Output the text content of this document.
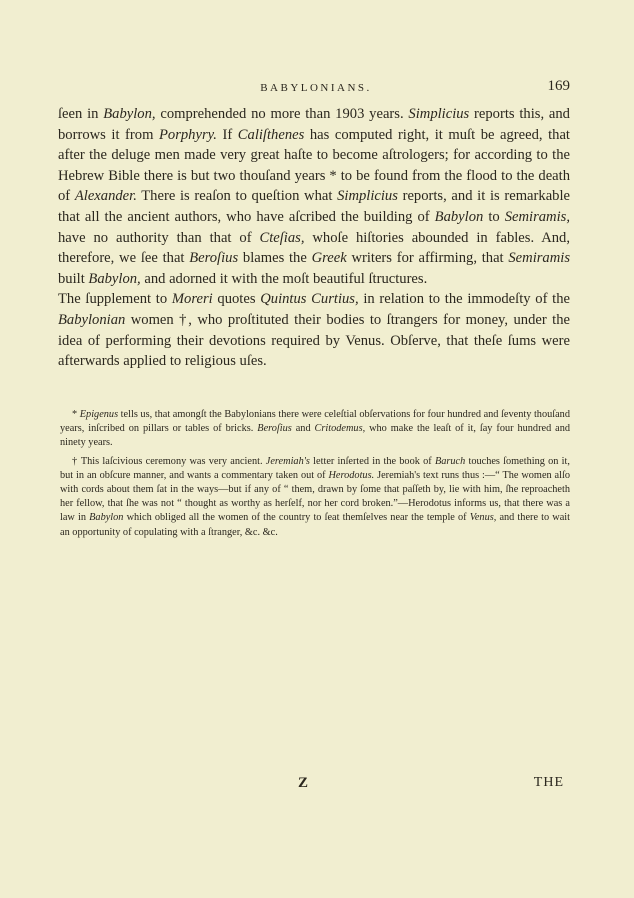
BABYLONIANS.	169

ſeen in Babylon, comprehended no more than 1903 years. Simplicius reports this, and borrows it from Porphyry. If Caliſthenes has computed right, it muſt be agreed, that after the deluge men made very great haſte to become aſtrologers; for according to the Hebrew Bible there is but two thouſand years * to be found from the flood to the death of Alexander. There is reaſon to queſtion what Simplicius reports, and it is remarkable that all the ancient authors, who have aſcribed the building of Babylon to Semiramis, have no authority than that of Cteſias, whoſe hiſtories abounded in fables. And, therefore, we ſee that Beroſius blames the Greek writers for affirming, that Semiramis built Babylon, and adorned it with the moſt beautiful ſtructures.

The ſupplement to Moreri quotes Quintus Curtius, in relation to the immodeſty of the Babylonian women †, who proſtituted their bodies to ſtrangers for money, under the idea of performing their devotions required by Venus. Obſerve, that theſe ſums were afterwards applied to religious uſes.

* Epigenus tells us, that amongſt the Babylonians there were celeſtial obſervations for four hundred and ſeventy thouſand years, inſcribed on pillars or tables of bricks. Beroſius and Critodemus, who make the leaſt of it, ſay four hundred and ninety years.

† This laſcivious ceremony was very ancient. Jeremiah's letter inſerted in the book of Baruch touches ſomething on it, but in an obſcure manner, and wants a commentary taken out of Herodotus. Jeremiah's text runs thus :—“ The women alſo with cords about them ſat in the ways—but if any of “ them, drawn by ſome that paſſeth by, lie with him, ſhe reproacheth her fellow, that ſhe was not “ thought as worthy as herſelf, nor her cord broken.”—Herodotus informs us, that there was a law in Babylon which obliged all the women of the country to ſeat themſelves near the temple of Venus, and there to wait an opportunity of copulating with a ſtranger, &c. &c.

Z	THE
